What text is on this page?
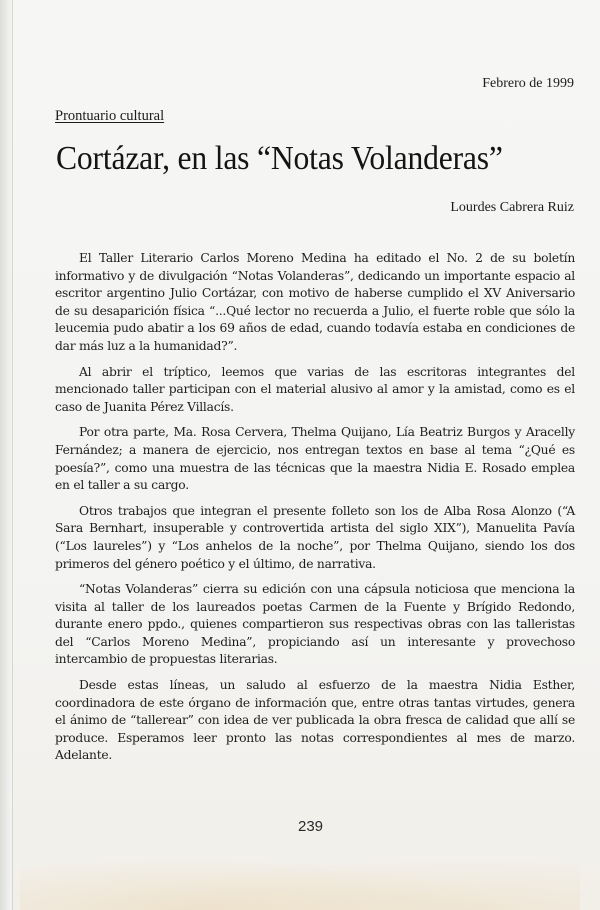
Febrero de 1999
Prontuario cultural
Cortázar, en las “Notas Volanderas”
Lourdes Cabrera Ruiz

El Taller Literario Carlos Moreno Medina ha editado el No. 2 de su boletín informativo y de divulgación “Notas Volanderas”, dedicando un importante espacio al escritor argentino Julio Cortázar, con motivo de haberse cumplido el XV Aniversario de su desaparición física “...Qué lector no recuerda a Julio, el fuerte roble que sólo la leucemia pudo abatir a los 69 años de edad, cuando todavía estaba en condiciones de dar más luz a la humanidad?”.

Al abrir el tríptico, leemos que varias de las escritoras integrantes del mencionado taller participan con el material alusivo al amor y la amistad, como es el caso de Juanita Pérez Villacís.

Por otra parte, Ma. Rosa Cervera, Thelma Quijano, Lía Beatriz Burgos y Aracelly Fernández; a manera de ejercicio, nos entregan textos en base al tema “¿Qué es poesía?”, como una muestra de las técnicas que la maestra Nidia E. Rosado emplea en el taller a su cargo.

Otros trabajos que integran el presente folleto son los de Alba Rosa Alonzo (“A Sara Bernhart, insuperable y controvertida artista del siglo XIX”), Manuelita Pavía (“Los laureles”) y “Los anhelos de la noche”, por Thelma Quijano, siendo los dos primeros del género poético y el último, de narrativa.

“Notas Volanderas” cierra su edición con una cápsula noticiosa que menciona la visita al taller de los laureados poetas Carmen de la Fuente y Brígido Redondo, durante enero ppdo., quienes compartieron sus respectivas obras con las talleristas del “Carlos Moreno Medina”, propiciando así un interesante y provechoso intercambio de propuestas literarias.

Desde estas líneas, un saludo al esfuerzo de la maestra Nidia Esther, coordinadora de este órgano de información que, entre otras tantas virtudes, genera el ánimo de “tallerear” con idea de ver publicada la obra fresca de calidad que allí se produce. Esperamos leer pronto las notas correspondientes al mes de marzo. Adelante.

239
